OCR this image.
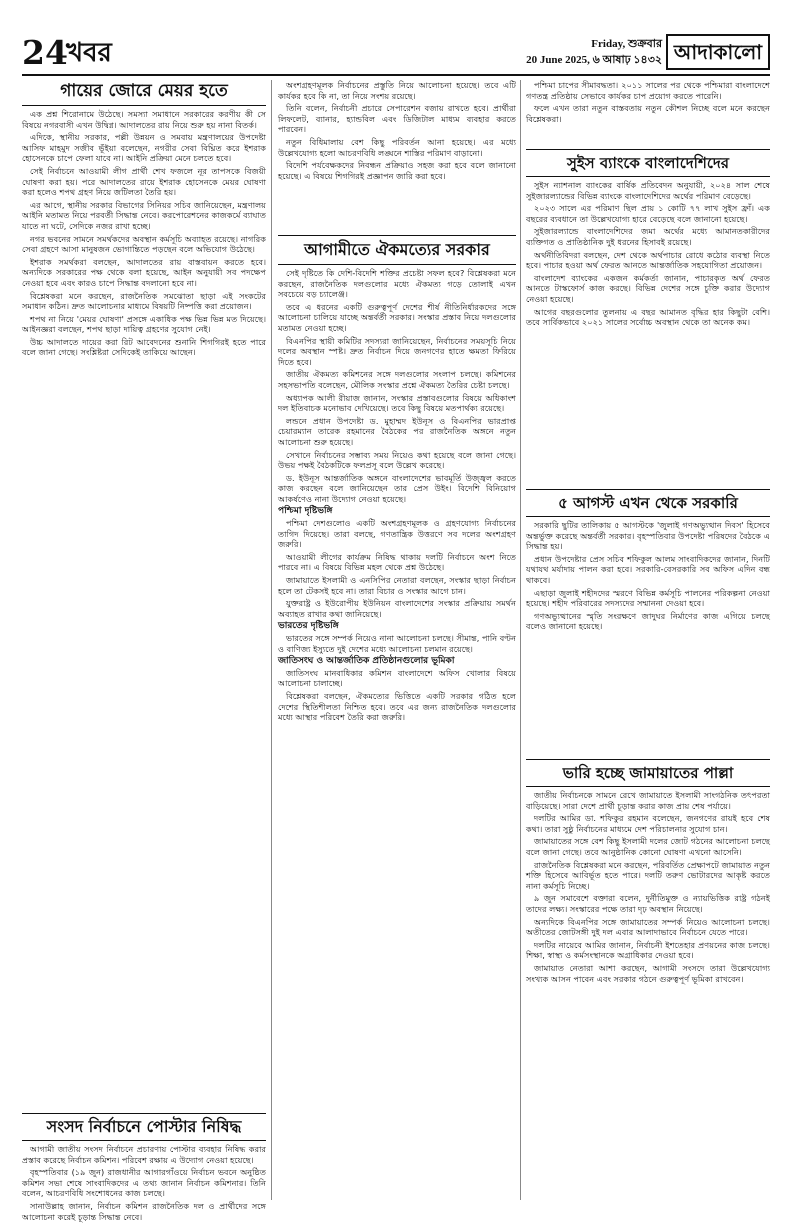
24
খবর	Friday, শুক্রবার
20 June 2025, ৬ আষাঢ় ১৪৩২ আদাকালো
গায়ের জোরে মেয়র হতে

এক প্রশ্ন শিরোনামে উঠেছে। সমস্যা সমাধানে সরকারের করণীয় কী সে বিষয়ে নগরবাসী এখন উদ্বিগ্ন। আদালতের রায় নিয়ে শুরু হয় নানা বিতর্ক।

এদিকে, স্থানীয় সরকার, পল্লী উন্নয়ন ও সমবায় মন্ত্রণালয়ের উপদেষ্টা আসিফ মাহমুদ সজীব ভূঁইয়া বলেছেন, নগরীর সেবা বিঘ্নিত করে ইশরাক হোসেনকে চাপে ফেলা যাবে না। আইনি প্রক্রিয়া মেনে চলতে হবে।

সেই নির্বাচনে আওয়ামী লীগ প্রার্থী শেখ ফজলে নূর তাপসকে বিজয়ী ঘোষণা করা হয়। পরে আদালতের রায়ে ইশরাক হোসেনকে মেয়র ঘোষণা করা হলেও শপথ গ্রহণ নিয়ে জটিলতা তৈরি হয়।

এর আগে, স্থানীয় সরকার বিভাগের সিনিয়র সচিব জানিয়েছেন, মন্ত্রণালয় আইনি মতামত নিয়ে পরবর্তী সিদ্ধান্ত নেবে। করপোরেশনের কাজকর্মে ব্যাঘাত যাতে না ঘটে, সেদিকে নজর রাখা হচ্ছে।

নগর ভবনের সামনে সমর্থকদের অবস্থান কর্মসূচি অব্যাহত রয়েছে। নাগরিক সেবা গ্রহণে আসা মানুষজন ভোগান্তিতে পড়ছেন বলে অভিযোগ উঠেছে।

ইশরাক সমর্থকরা বলছেন, আদালতের রায় বাস্তবায়ন করতে হবে। অন্যদিকে সরকারের পক্ষ থেকে বলা হয়েছে, আইন অনুযায়ী সব পদক্ষেপ নেওয়া হবে এবং কারও চাপে সিদ্ধান্ত বদলানো হবে না।

বিশ্লেষকরা মনে করছেন, রাজনৈতিক সমঝোতা ছাড়া এই সংকটের সমাধান কঠিন। দ্রুত আলোচনার মাধ্যমে বিষয়টি নিষ্পত্তি করা প্রয়োজন।

শপথ না নিয়ে 'মেয়র ঘোষণা' প্রসঙ্গে একাধিক পক্ষ ভিন্ন ভিন্ন মত দিয়েছে। আইনজ্ঞরা বলছেন, শপথ ছাড়া দায়িত্ব গ্রহণের সুযোগ নেই।

উচ্চ আদালতে দায়ের করা রিট আবেদনের শুনানি শিগগিরই হতে পারে বলে জানা গেছে। সংশ্লিষ্টরা সেদিকেই তাকিয়ে আছেন।

সংসদ নির্বাচনে পোস্টার নিষিদ্ধ

আগামী জাতীয় সংসদ নির্বাচনে প্রচারণায় পোস্টার ব্যবহার নিষিদ্ধ করার প্রস্তাব করেছে নির্বাচন কমিশন। পরিবেশ রক্ষায় এ উদ্যোগ নেওয়া হয়েছে।

বৃহস্পতিবার (১৯ জুন) রাজধানীর আগারগাঁওয়ে নির্বাচন ভবনে অনুষ্ঠিত কমিশন সভা শেষে সাংবাদিকদের এ তথ্য জানান নির্বাচন কমিশনার। তিনি বলেন, আচরণবিধি সংশোধনের কাজ চলছে।

সানাউল্লাহ জানান, নির্বাচন কমিশন রাজনৈতিক দল ও প্রার্থীদের সঙ্গে আলোচনা করেই চূড়ান্ত সিদ্ধান্ত নেবে।

অংশগ্রহণমূলক নির্বাচনের প্রস্তুতি নিয়ে আলোচনা হয়েছে। তবে এটি কার্যকর হবে কি না, তা নিয়ে সংশয় রয়েছে।

তিনি বলেন, নির্বাচনী প্রচারে সেপারেশন বজায় রাখতে হবে। প্রার্থীরা লিফলেট, ব্যানার, হ্যান্ডবিল এবং ডিজিটাল মাধ্যম ব্যবহার করতে পারবেন।

নতুন বিধিমালায় বেশ কিছু পরিবর্তন আনা হয়েছে। এর মধ্যে উল্লেখযোগ্য হলো আচরণবিধি লঙ্ঘনে শাস্তির পরিমাণ বাড়ানো।

বিদেশি পর্যবেক্ষকদের নিবন্ধন প্রক্রিয়াও সহজ করা হবে বলে জানানো হয়েছে। এ বিষয়ে শিগগিরই প্রজ্ঞাপন জারি করা হবে।

আগামীতে ঐকমত্যের সরকার

সেই দৃষ্টিতে কি দেশি-বিদেশি শক্তির প্রচেষ্টা সফল হবে? বিশ্লেষকরা মনে করছেন, রাজনৈতিক দলগুলোর মধ্যে ঐকমত্য গড়ে তোলাই এখন সবচেয়ে বড় চ্যালেঞ্জ।

তবে এ ধরনের একটি গুরুত্বপূর্ণ দেশের শীর্ষ নীতিনির্ধারকদের সঙ্গে আলোচনা চালিয়ে যাচ্ছে অন্তর্বর্তী সরকার। সংস্কার প্রস্তাব নিয়ে দলগুলোর মতামত নেওয়া হচ্ছে।

বিএনপির স্থায়ী কমিটির সদস্যরা জানিয়েছেন, নির্বাচনের সময়সূচি নিয়ে দলের অবস্থান স্পষ্ট। দ্রুত নির্বাচন দিয়ে জনগণের হাতে ক্ষমতা ফিরিয়ে দিতে হবে।

জাতীয় ঐকমত্য কমিশনের সঙ্গে দলগুলোর সংলাপ চলছে। কমিশনের সহসভাপতি বলেছেন, মৌলিক সংস্কার প্রশ্নে ঐকমত্য তৈরির চেষ্টা চলছে।

অধ্যাপক আলী রীয়াজ জানান, সংস্কার প্রস্তাবগুলোর বিষয়ে অধিকাংশ দল ইতিবাচক মনোভাব দেখিয়েছে। তবে কিছু বিষয়ে মতপার্থক্য রয়েছে।

লন্ডনে প্রধান উপদেষ্টা ড. মুহাম্মদ ইউনূস ও বিএনপির ভারপ্রাপ্ত চেয়ারম্যান তারেক রহমানের বৈঠকের পর রাজনৈতিক অঙ্গনে নতুন আলোচনা শুরু হয়েছে।

সেখানে নির্বাচনের সম্ভাব্য সময় নিয়েও কথা হয়েছে বলে জানা গেছে। উভয় পক্ষই বৈঠকটিকে ফলপ্রসূ বলে উল্লেখ করেছে।

ড. ইউনূস আন্তর্জাতিক অঙ্গনে বাংলাদেশের ভাবমূর্তি উজ্জ্বল করতে কাজ করছেন বলে জানিয়েছেন তার প্রেস উইং। বিদেশি বিনিয়োগ আকর্ষণেও নানা উদ্যোগ নেওয়া হয়েছে।

পশ্চিমা দৃষ্টিভঙ্গি

পশ্চিমা দেশগুলোও একটি অংশগ্রহণমূলক ও গ্রহণযোগ্য নির্বাচনের তাগিদ দিয়েছে। তারা বলছে, গণতান্ত্রিক উত্তরণে সব দলের অংশগ্রহণ জরুরি।

আওয়ামী লীগের কার্যক্রম নিষিদ্ধ থাকায় দলটি নির্বাচনে অংশ নিতে পারবে না। এ বিষয়ে বিভিন্ন মহল থেকে প্রশ্ন উঠেছে।

জামায়াতে ইসলামী ও এনসিপির নেতারা বলছেন, সংস্কার ছাড়া নির্বাচন হলে তা টেকসই হবে না। তারা বিচার ও সংস্কার আগে চান।

যুক্তরাষ্ট্র ও ইউরোপীয় ইউনিয়ন বাংলাদেশের সংস্কার প্রক্রিয়ায় সমর্থন অব্যাহত রাখার কথা জানিয়েছে।

ভারতের দৃষ্টিভঙ্গি

ভারতের সঙ্গে সম্পর্ক নিয়েও নানা আলোচনা চলছে। সীমান্ত, পানি বণ্টন ও বাণিজ্য ইস্যুতে দুই দেশের মধ্যে আলোচনা চলমান রয়েছে।

জাতিসংঘ ও আন্তর্জাতিক প্রতিষ্ঠানগুলোর ভূমিকা

জাতিসংঘ মানবাধিকার কমিশন বাংলাদেশে অফিস খোলার বিষয়ে আলোচনা চালাচ্ছে।

বিশ্লেষকরা বলছেন, ঐকমত্যের ভিত্তিতে একটি সরকার গঠিত হলে দেশের স্থিতিশীলতা নিশ্চিত হবে। তবে এর জন্য রাজনৈতিক দলগুলোর মধ্যে আস্থার পরিবেশ তৈরি করা জরুরি।

পশ্চিমা চাপের সীমাবদ্ধতা। ২০১১ সালের পর থেকে পশ্চিমারা বাংলাদেশে গণতন্ত্র প্রতিষ্ঠায় সেভাবে কার্যকর চাপ প্রয়োগ করতে পারেনি।

ফলে এখন তারা নতুন বাস্তবতায় নতুন কৌশল নিচ্ছে বলে মনে করছেন বিশ্লেষকরা।

সুইস ব্যাংকে বাংলাদেশিদের

সুইস ন্যাশনাল ব্যাংকের বার্ষিক প্রতিবেদন অনুযায়ী, ২০২৪ সাল শেষে সুইজারল্যান্ডের বিভিন্ন ব্যাংকে বাংলাদেশিদের অর্থের পরিমাণ বেড়েছে।

২০২৩ সালে এর পরিমাণ ছিল প্রায় ১ কোটি ৭৭ লাখ সুইস ফ্রাঁ। এক বছরের ব্যবধানে তা উল্লেখযোগ্য হারে বেড়েছে বলে জানানো হয়েছে।

সুইজারল্যান্ডে বাংলাদেশিদের জমা অর্থের মধ্যে আমানতকারীদের ব্যক্তিগত ও প্রাতিষ্ঠানিক দুই ধরনের হিসাবই রয়েছে।

অর্থনীতিবিদরা বলছেন, দেশ থেকে অর্থপাচার রোধে কঠোর ব্যবস্থা নিতে হবে। পাচার হওয়া অর্থ ফেরত আনতে আন্তর্জাতিক সহযোগিতা প্রয়োজন।

বাংলাদেশ ব্যাংকের একজন কর্মকর্তা জানান, পাচারকৃত অর্থ ফেরত আনতে টাস্কফোর্স কাজ করছে। বিভিন্ন দেশের সঙ্গে চুক্তি করার উদ্যোগ নেওয়া হয়েছে।

আগের বছরগুলোর তুলনায় এ বছর আমানত বৃদ্ধির হার কিছুটা বেশি। তবে সার্বিকভাবে ২০২১ সালের সর্বোচ্চ অবস্থান থেকে তা অনেক কম।

৫ আগস্ট এখন থেকে সরকারি

সরকারি ছুটির তালিকায় ৫ আগস্টকে 'জুলাই গণঅভ্যুত্থান দিবস' হিসেবে অন্তর্ভুক্ত করেছে অন্তর্বর্তী সরকার। বৃহস্পতিবার উপদেষ্টা পরিষদের বৈঠকে এ সিদ্ধান্ত হয়।

প্রধান উপদেষ্টার প্রেস সচিব শফিকুল আলম সাংবাদিকদের জানান, দিনটি যথাযথ মর্যাদায় পালন করা হবে। সরকারি-বেসরকারি সব অফিস এদিন বন্ধ থাকবে।

এছাড়া জুলাই শহীদদের স্মরণে বিভিন্ন কর্মসূচি পালনের পরিকল্পনা নেওয়া হয়েছে। শহীদ পরিবারের সদস্যদের সম্মাননা দেওয়া হবে।

গণঅভ্যুত্থানের স্মৃতি সংরক্ষণে জাদুঘর নির্মাণের কাজ এগিয়ে চলছে বলেও জানানো হয়েছে।

ভারি হচ্ছে জামায়াতের পাল্লা

জাতীয় নির্বাচনকে সামনে রেখে জামায়াতে ইসলামী সাংগঠনিক তৎপরতা বাড়িয়েছে। সারা দেশে প্রার্থী চূড়ান্ত করার কাজ প্রায় শেষ পর্যায়ে।

দলটির আমির ডা. শফিকুর রহমান বলেছেন, জনগণের রায়ই হবে শেষ কথা। তারা সুষ্ঠু নির্বাচনের মাধ্যমে দেশ পরিচালনার সুযোগ চান।

জামায়াতের সঙ্গে বেশ কিছু ইসলামী দলের জোট গঠনের আলোচনা চলছে বলে জানা গেছে। তবে আনুষ্ঠানিক কোনো ঘোষণা এখনো আসেনি।

রাজনৈতিক বিশ্লেষকরা মনে করছেন, পরিবর্তিত প্রেক্ষাপটে জামায়াত নতুন শক্তি হিসেবে আবির্ভূত হতে পারে। দলটি তরুণ ভোটারদের আকৃষ্ট করতে নানা কর্মসূচি নিচ্ছে।

৯ জুন সমাবেশে বক্তারা বলেন, দুর্নীতিমুক্ত ও ন্যায়ভিত্তিক রাষ্ট্র গঠনই তাদের লক্ষ্য। সংস্কারের পক্ষে তারা দৃঢ় অবস্থান নিয়েছে।

অন্যদিকে বিএনপির সঙ্গে জামায়াতের সম্পর্ক নিয়েও আলোচনা চলছে। অতীতের জোটসঙ্গী দুই দল এবার আলাদাভাবে নির্বাচনে যেতে পারে।

দলটির নায়েবে আমির জানান, নির্বাচনী ইশতেহার প্রণয়নের কাজ চলছে। শিক্ষা, স্বাস্থ্য ও কর্মসংস্থানকে অগ্রাধিকার দেওয়া হবে।

জামায়াত নেতারা আশা করছেন, আগামী সংসদে তারা উল্লেখযোগ্য সংখ্যক আসন পাবেন এবং সরকার গঠনে গুরুত্বপূর্ণ ভূমিকা রাখবেন।
